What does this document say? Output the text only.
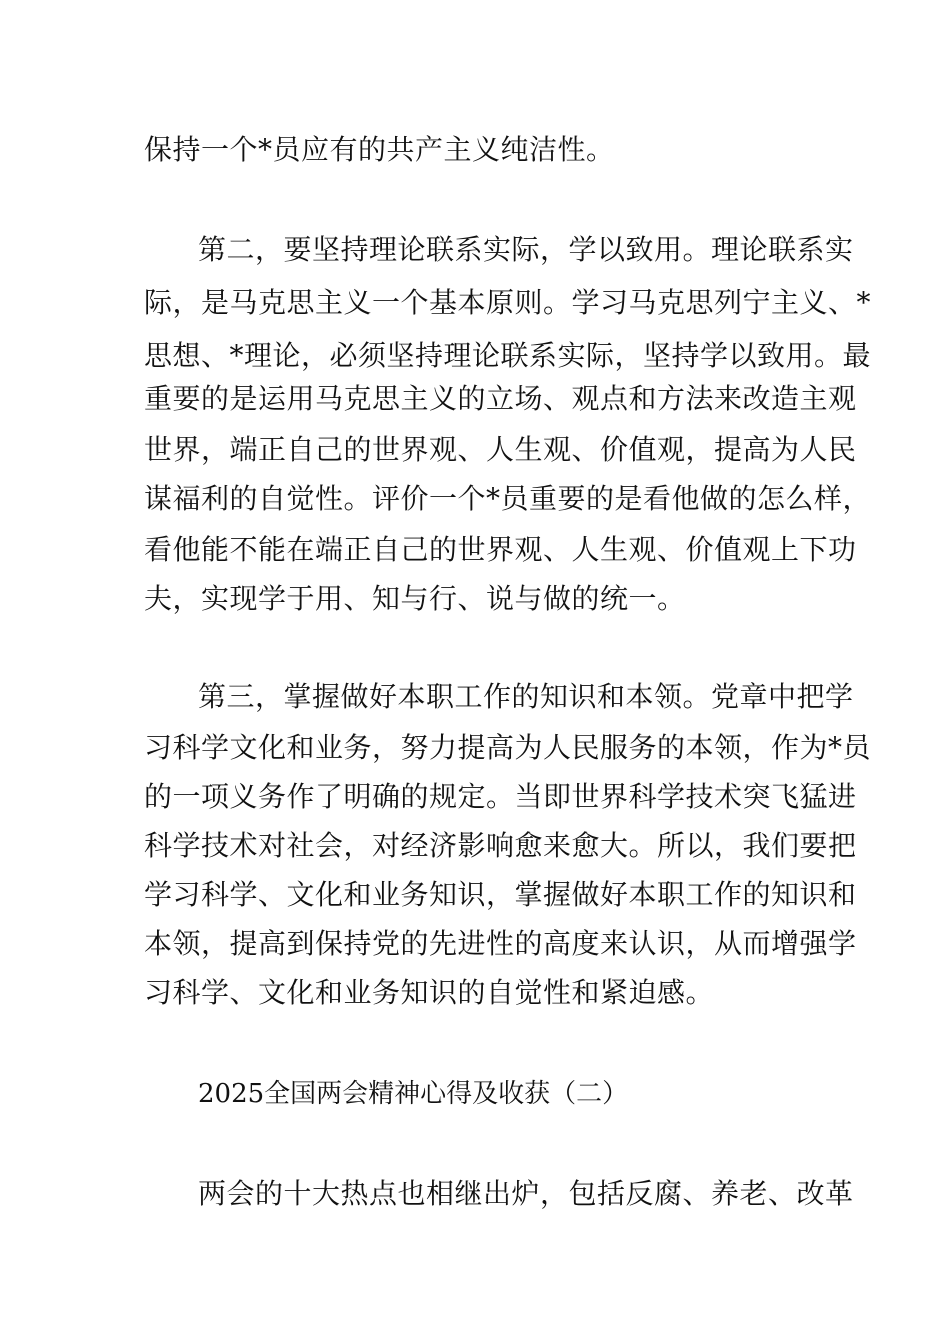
保持一个*员应有的共产主义纯洁性。
第二，要坚持理论联系实际，学以致用。理论联系实
际，是马克思主义一个基本原则。学习马克思列宁主义、*
思想、*理论，必须坚持理论联系实际，坚持学以致用。最
重要的是运用马克思主义的立场、观点和方法来改造主观
世界，端正自己的世界观、人生观、价值观，提高为人民
谋福利的自觉性。评价一个*员重要的是看他做的怎么样，
看他能不能在端正自己的世界观、人生观、价值观上下功
夫，实现学于用、知与行、说与做的统一。
第三，掌握做好本职工作的知识和本领。党章中把学
习科学文化和业务，努力提高为人民服务的本领，作为*员
的一项义务作了明确的规定。当即世界科学技术突飞猛进
科学技术对社会，对经济影响愈来愈大。所以，我们要把
学习科学、文化和业务知识，掌握做好本职工作的知识和
本领，提高到保持党的先进性的高度来认识，从而增强学
习科学、文化和业务知识的自觉性和紧迫感。
2025全国两会精神心得及收获（二）
两会的十大热点也相继出炉，包括反腐、养老、改革
